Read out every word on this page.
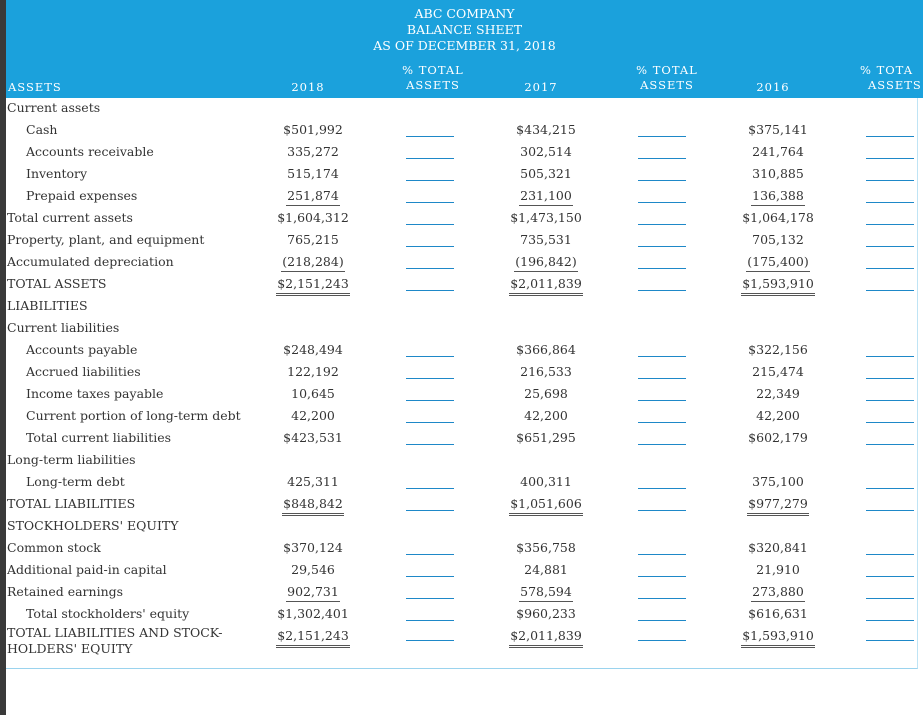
ABC COMPANY
BALANCE SHEET
AS OF DECEMBER 31, 2018
ASSETS	2018
% TOTAL
ASSETS	2017
% TOTAL
ASSETS	2016
% TOTA
ASSETS
Current assets
Cash	$501,992	$434,215	$375,141
Accounts receivable	335,272	302,514	241,764
Inventory	515,174	505,321	310,885
Prepaid expenses	251,874	231,100	136,388
Total current assets	$1,604,312	$1,473,150	$1,064,178
Property, plant, and equipment	765,215	735,531	705,132
Accumulated depreciation	(218,284)	(196,842)	(175,400)
TOTAL ASSETS	$2,151,243	$2,011,839	$1,593,910
LIABILITIES
Current liabilities
Accounts payable	$248,494	$366,864	$322,156
Accrued liabilities	122,192	216,533	215,474
Income taxes payable	10,645	25,698	22,349
Current portion of long-term debt	42,200	42,200	42,200
Total current liabilities	$423,531	$651,295	$602,179
Long-term liabilities
Long-term debt	425,311	400,311	375,100
TOTAL LIABILITIES	$848,842	$1,051,606	$977,279
STOCKHOLDERS' EQUITY
Common stock	$370,124	$356,758	$320,841
Additional paid-in capital	29,546	24,881	21,910
Retained earnings	902,731	578,594	273,880
Total stockholders' equity	$1,302,401	$960,233	$616,631
TOTAL LIABILITIES AND STOCK-
HOLDERS' EQUITY
$2,151,243	$2,011,839	$1,593,910
